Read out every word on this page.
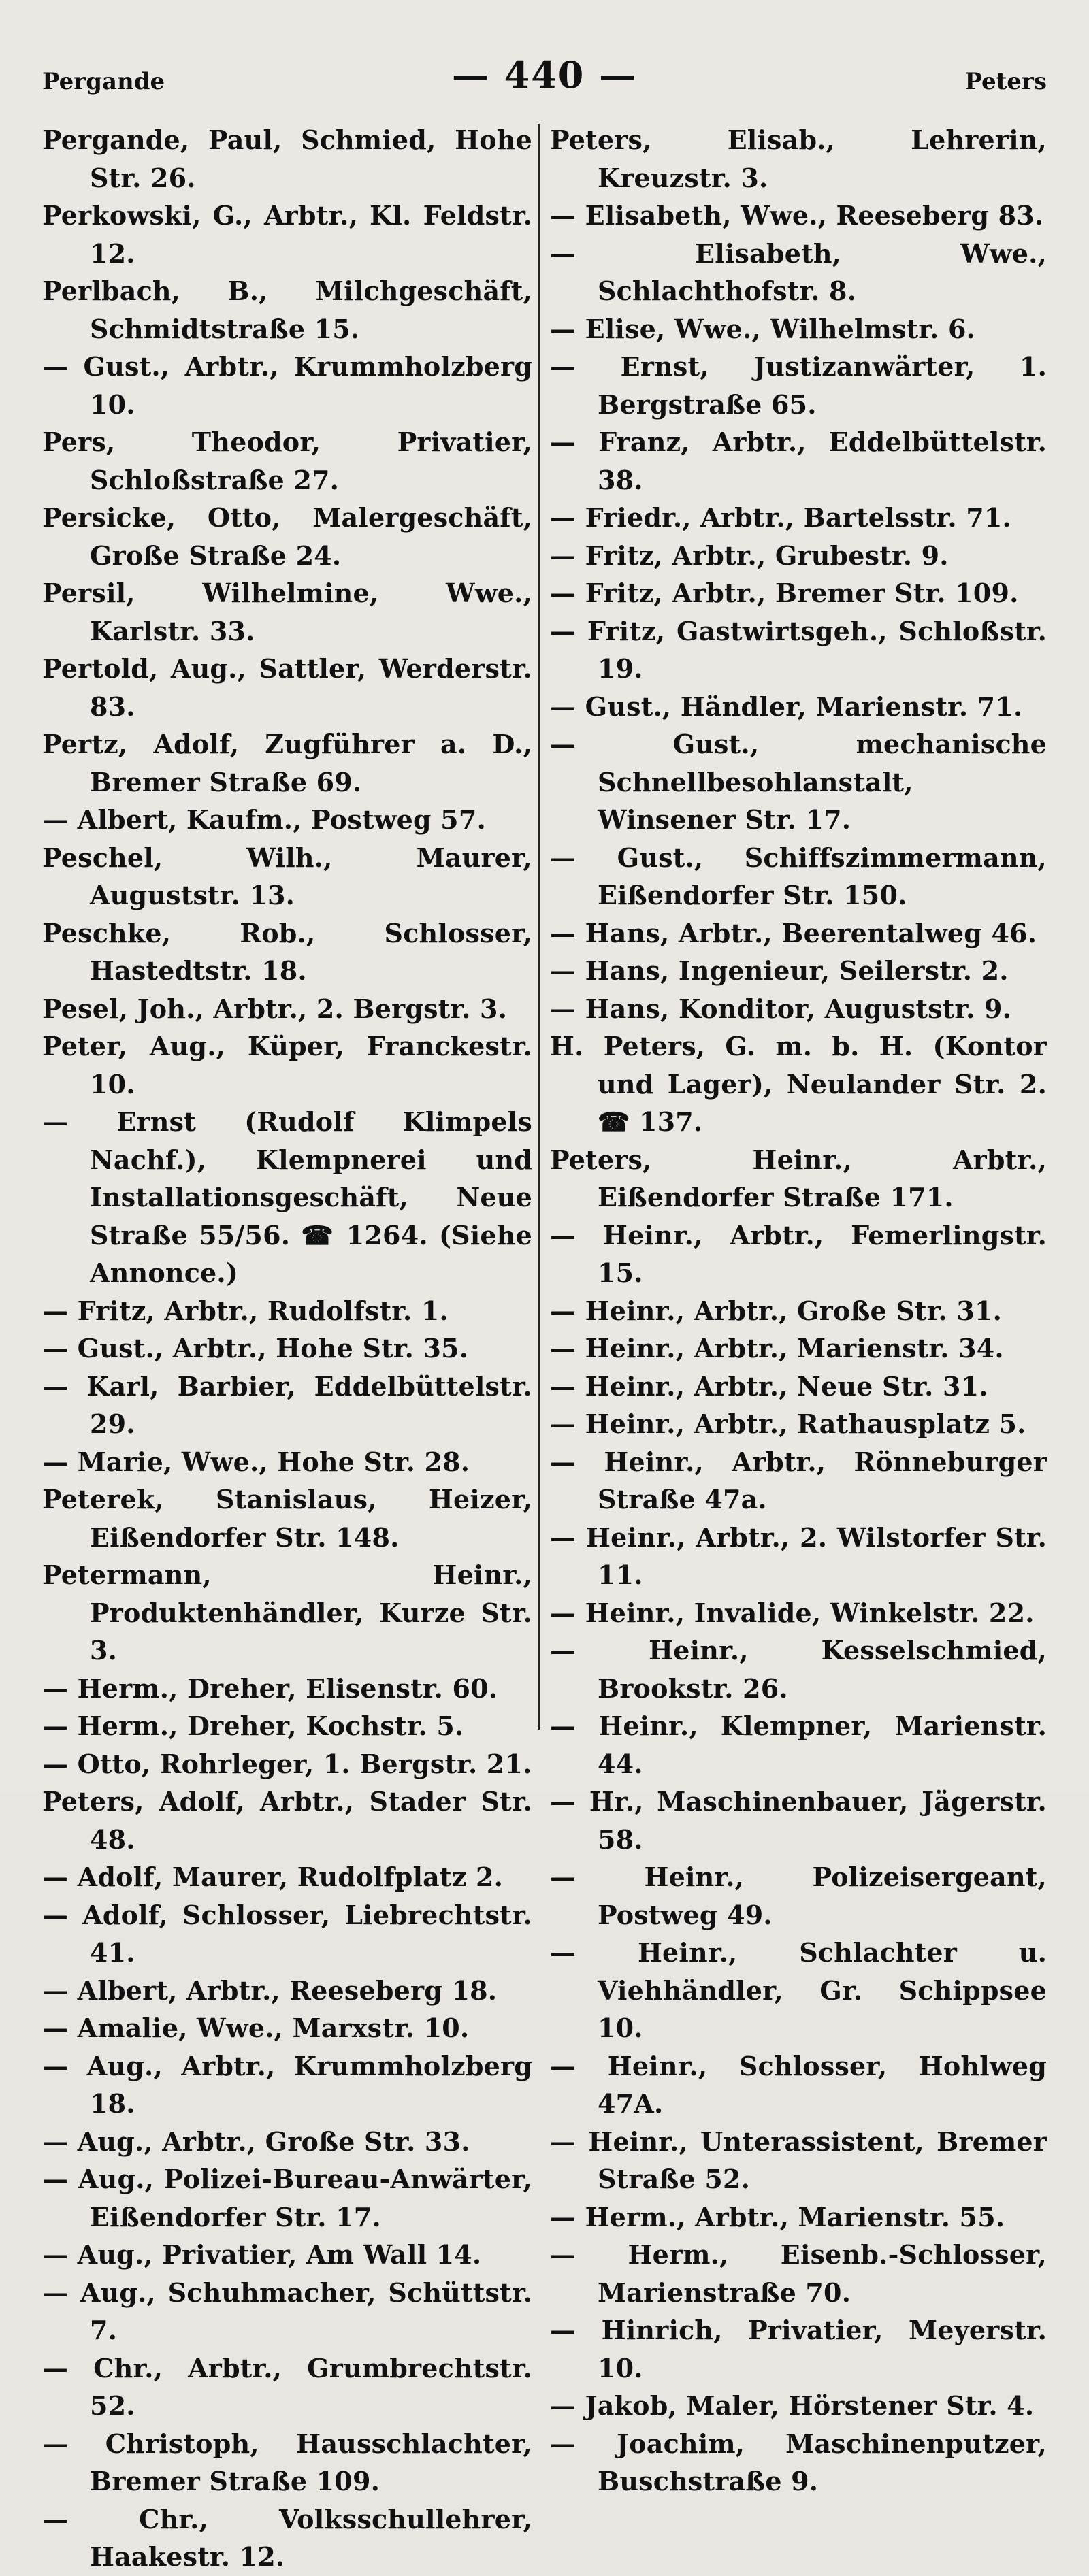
Pergande	— 440 —	Peters
Pergande, Paul, Schmied, Hohe Str. 26.
Perkowski, G., Arbtr., Kl. Feldstr. 12.
Perlbach, B., Milchgeschäft, Schmidtstraße 15.
— Gust., Arbtr., Krummholzberg 10.
Pers, Theodor, Privatier, Schloßstraße 27.
Persicke, Otto, Malergeschäft, Große Straße 24.
Persil, Wilhelmine, Wwe., Karlstr. 33.
Pertold, Aug., Sattler, Werderstr. 83.
Pertz, Adolf, Zugführer a. D., Bremer Straße 69.
— Albert, Kaufm., Postweg 57.
Peschel, Wilh., Maurer, Auguststr. 13.
Peschke, Rob., Schlosser, Hastedtstr. 18.
Pesel, Joh., Arbtr., 2. Bergstr. 3.
Peter, Aug., Küper, Franckestr. 10.
— Ernst (Rudolf Klimpels Nachf.), Klempnerei und Installationsgeschäft, Neue Straße 55/56. ☎ 1264. (Siehe Annonce.)
— Fritz, Arbtr., Rudolfstr. 1.
— Gust., Arbtr., Hohe Str. 35.
— Karl, Barbier, Eddelbüttelstr. 29.
— Marie, Wwe., Hohe Str. 28.
Peterek, Stanislaus, Heizer, Eißendorfer Str. 148.
Petermann, Heinr., Produktenhändler, Kurze Str. 3.
— Herm., Dreher, Elisenstr. 60.
— Herm., Dreher, Kochstr. 5.
— Otto, Rohrleger, 1. Bergstr. 21.
Peters, Adolf, Arbtr., Stader Str. 48.
— Adolf, Maurer, Rudolfplatz 2.
— Adolf, Schlosser, Liebrechtstr. 41.
— Albert, Arbtr., Reeseberg 18.
— Amalie, Wwe., Marxstr. 10.
— Aug., Arbtr., Krummholzberg 18.
— Aug., Arbtr., Große Str. 33.
— Aug., Polizei-Bureau-Anwärter, Eißendorfer Str. 17.
— Aug., Privatier, Am Wall 14.
— Aug., Schuhmacher, Schüttstr. 7.
— Chr., Arbtr., Grumbrechtstr. 52.
— Christoph, Hausschlachter, Bremer Straße 109.
— Chr., Volksschullehrer, Haakestr. 12.
Peters, Elisab., Lehrerin, Kreuzstr. 3.
— Elisabeth, Wwe., Reeseberg 83.
— Elisabeth, Wwe., Schlachthofstr. 8.
— Elise, Wwe., Wilhelmstr. 6.
— Ernst, Justizanwärter, 1. Bergstraße 65.
— Franz, Arbtr., Eddelbüttelstr. 38.
— Friedr., Arbtr., Bartelsstr. 71.
— Fritz, Arbtr., Grubestr. 9.
— Fritz, Arbtr., Bremer Str. 109.
— Fritz, Gastwirtsgeh., Schloßstr. 19.
— Gust., Händler, Marienstr. 71.
— Gust., mechanische Schnellbesohlanstalt, Winsener Str. 17.
— Gust., Schiffszimmermann, Eißendorfer Str. 150.
— Hans, Arbtr., Beerentalweg 46.
— Hans, Ingenieur, Seilerstr. 2.
— Hans, Konditor, Auguststr. 9.
H. Peters, G. m. b. H. (Kontor und Lager), Neulander Str. 2. ☎ 137.
Peters, Heinr., Arbtr., Eißendorfer Straße 171.
— Heinr., Arbtr., Femerlingstr. 15.
— Heinr., Arbtr., Große Str. 31.
— Heinr., Arbtr., Marienstr. 34.
— Heinr., Arbtr., Neue Str. 31.
— Heinr., Arbtr., Rathausplatz 5.
— Heinr., Arbtr., Rönneburger Straße 47a.
— Heinr., Arbtr., 2. Wilstorfer Str. 11.
— Heinr., Invalide, Winkelstr. 22.
— Heinr., Kesselschmied, Brookstr. 26.
— Heinr., Klempner, Marienstr. 44.
— Hr., Maschinenbauer, Jägerstr. 58.
— Heinr., Polizeisergeant, Postweg 49.
— Heinr., Schlachter u. Viehhändler, Gr. Schippsee 10.
— Heinr., Schlosser, Hohlweg 47A.
— Heinr., Unterassistent, Bremer Straße 52.
— Herm., Arbtr., Marienstr. 55.
— Herm., Eisenb.-Schlosser, Marienstraße 70.
— Hinrich, Privatier, Meyerstr. 10.
— Jakob, Maler, Hörstener Str. 4.
— Joachim, Maschinenputzer, Buschstraße 9.
